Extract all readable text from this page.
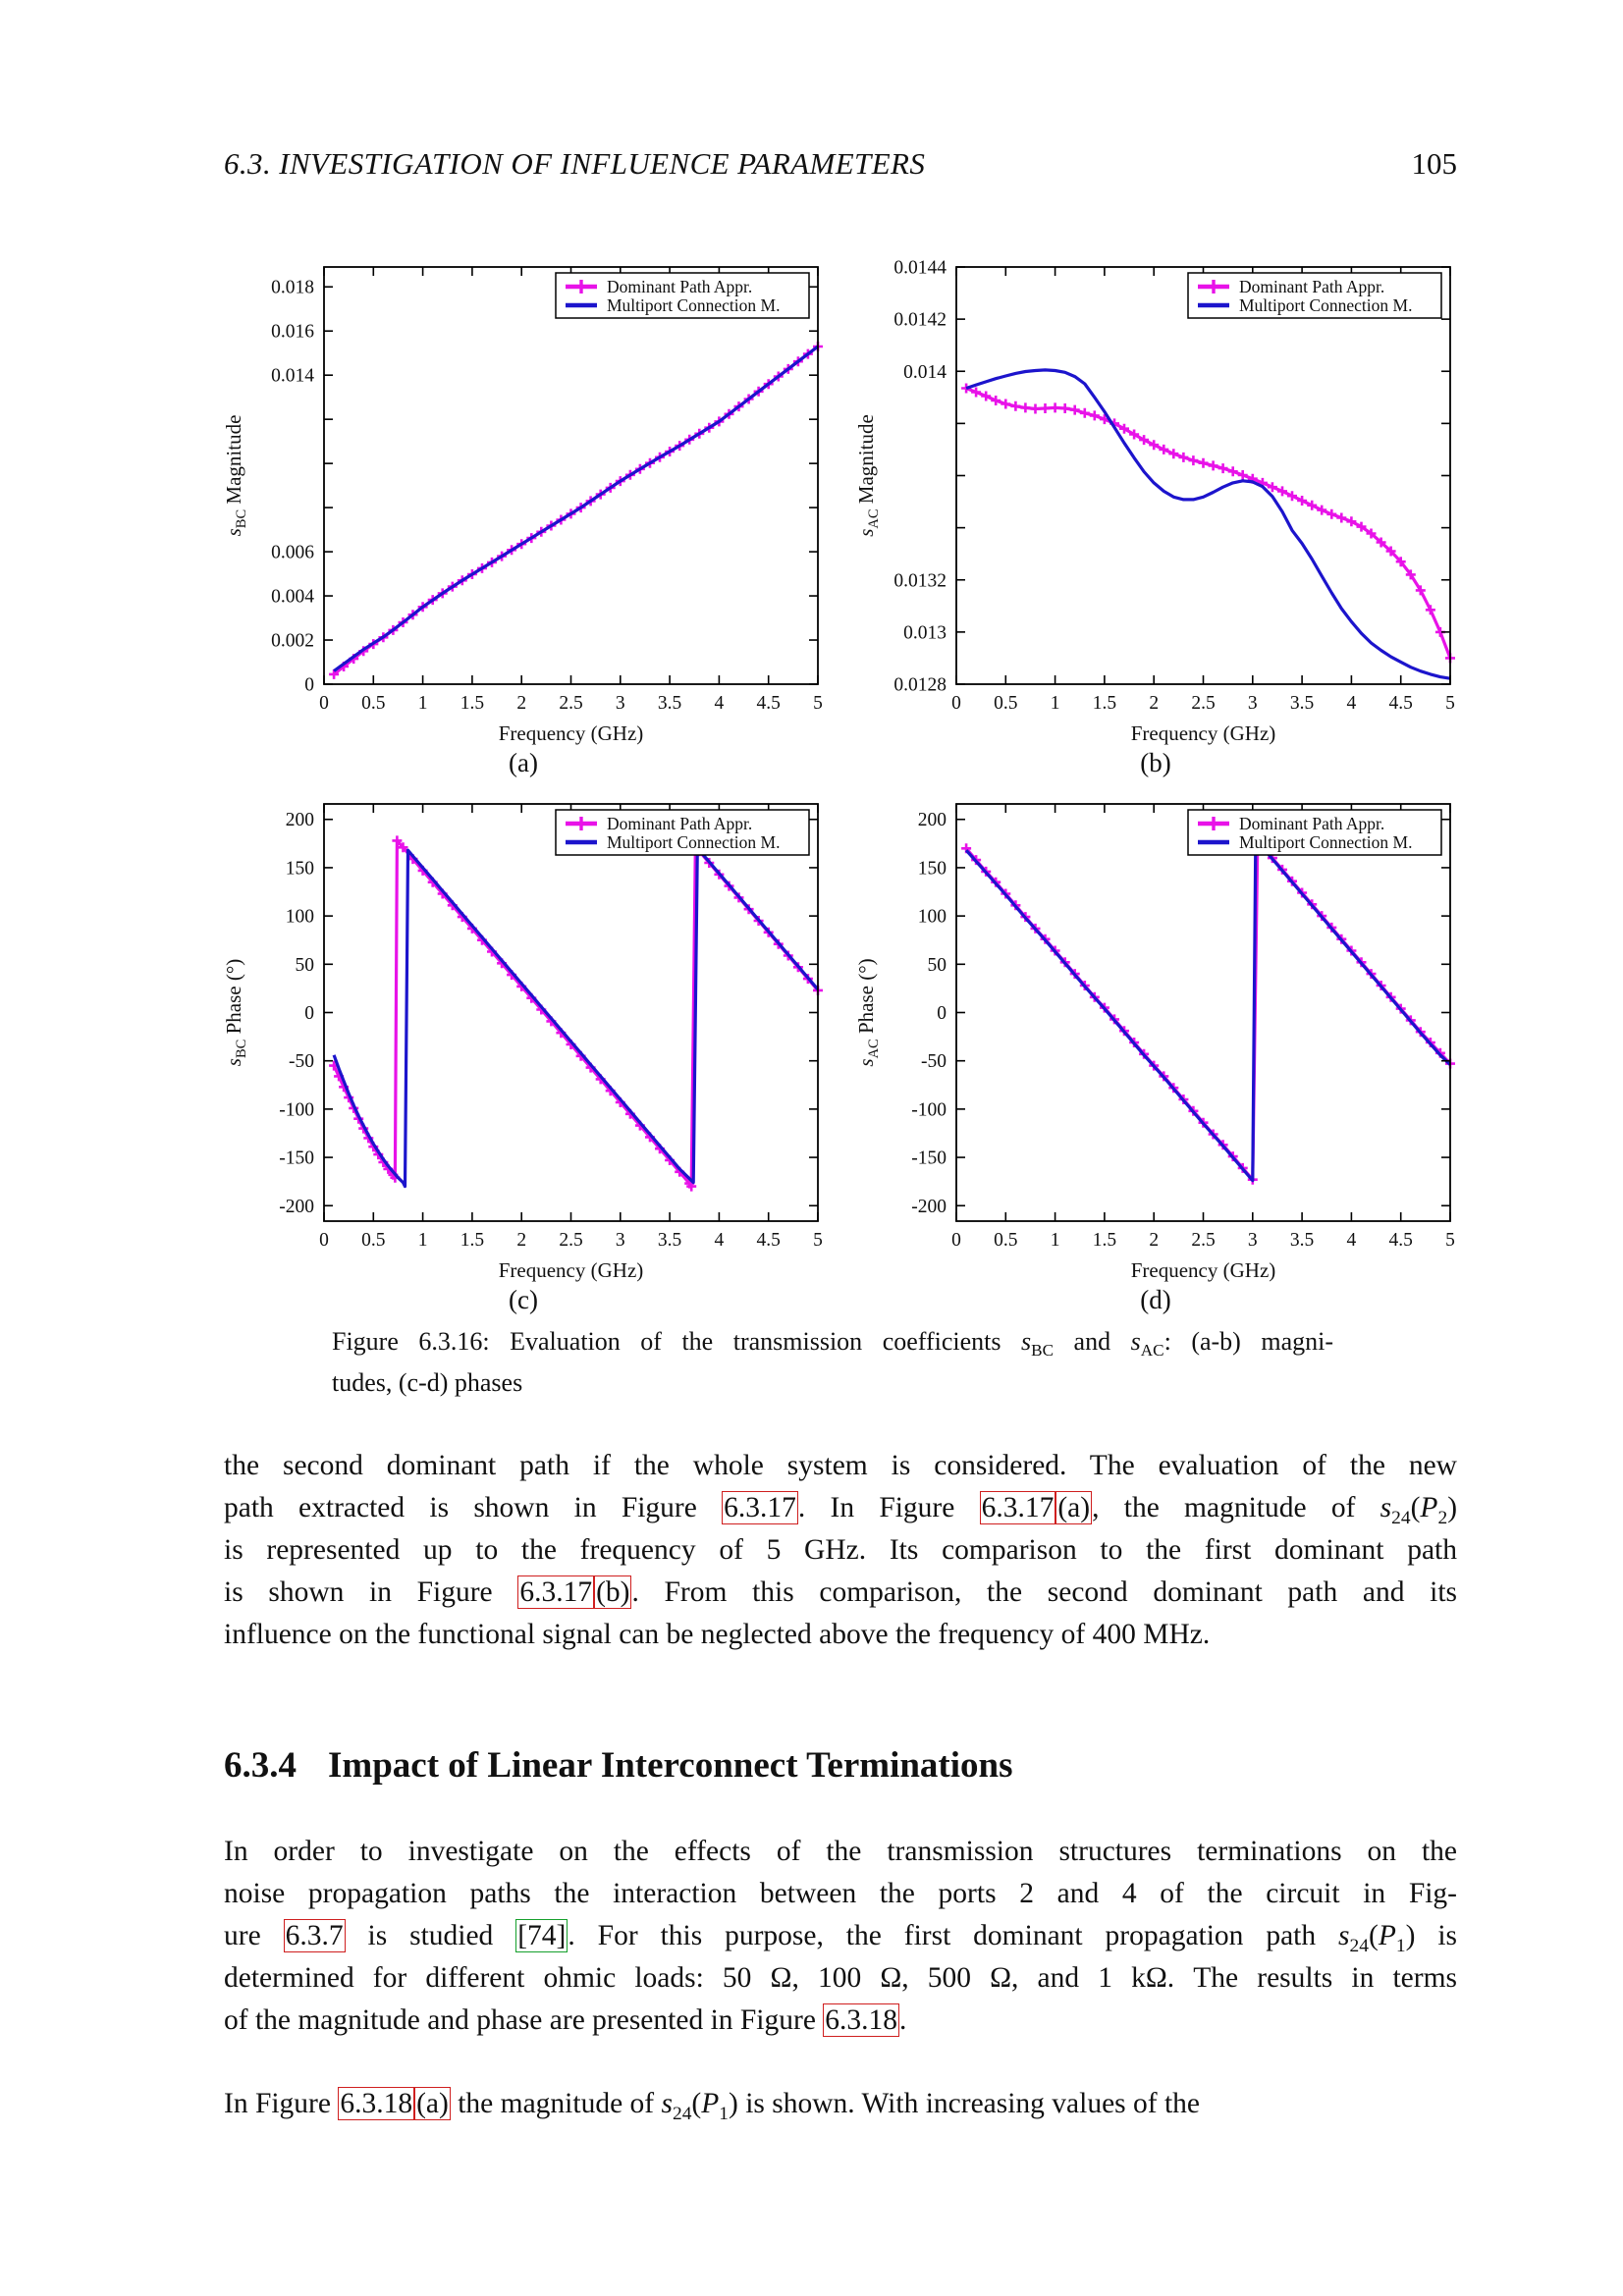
6.3. INVESTIGATION OF INFLUENCE PARAMETERS	105
0 0.5 1 1.5 2 2.5 3 3.5 4 4.5 5
0
0.002
0.004
0.006
0.014
0.016
0.018
Frequency (GHz)
$s_{BC}$ Magnitude
Dominant Path Appr.
Multiport Connection M.
(a)
0 0.5 1 1.5 2 2.5 3 3.5 4 4.5 5
0.0128
0.013
0.0132
0.014
0.0142
0.0144
Frequency (GHz)
$s_{AC}$ Magnitude
Dominant Path Appr.
Multiport Connection M.
(b)
0 0.5 1 1.5 2 2.5 3 3.5 4 4.5 5
-200
-150
-100
-50
0
50
100
150
200
Frequency (GHz)
$s_{BC}$ Phase (°)
Dominant Path Appr.
Multiport Connection M.
(c)
0 0.5 1 1.5 2 2.5 3 3.5 4 4.5 5
-200
-150
-100
-50
0
50
100
150
200
Frequency (GHz)
$s_{AC}$ Phase (°)
Dominant Path Appr.
Multiport Connection M.
(d)
Figure 6.3.16: Evaluation of the transmission coefficients $s_{BC}$ and $s_{AC}$: (a-b) magni-
tudes, (c-d) phases
the second dominant path if the whole system is considered. The evaluation of the new
path extracted is shown in Figure 6.3.17. In Figure 6.3.17 (a), the magnitude of $s_{24}(P_2)$
is represented up to the frequency of 5 GHz. Its comparison to the first dominant path
is shown in Figure 6.3.17 (b). From this comparison, the second dominant path and its
influence on the functional signal can be neglected above the frequency of 400 MHz.
6.3.4 Impact of Linear Interconnect Terminations
In order to investigate on the effects of the transmission structures terminations on the
noise propagation paths the interaction between the ports 2 and 4 of the circuit in Fig-
ure 6.3.7 is studied [74]. For this purpose, the first dominant propagation path $s_{24}(P_1)$ is
determined for different ohmic loads: 50 Ω, 100 Ω, 500 Ω, and 1 kΩ. The results in terms
of the magnitude and phase are presented in Figure 6.3.18.
In Figure 6.3.18 (a) the magnitude of $s_{24}(P_1)$ is shown. With increasing values of the
